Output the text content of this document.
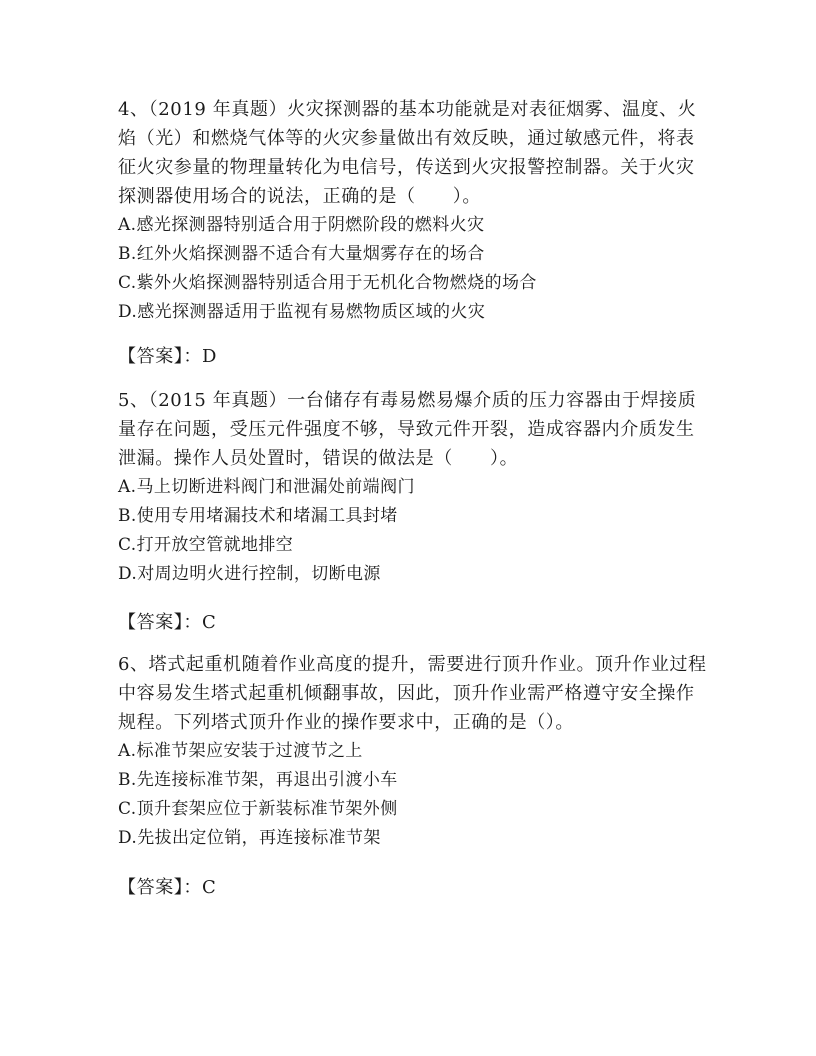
4、（2019 年真题）火灾探测器的基本功能就是对表征烟雾、温度、火焰（光）和燃烧气体等的火灾参量做出有效反映，通过敏感元件，将表征火灾参量的物理量转化为电信号，传送到火灾报警控制器。关于火灾探测器使用场合的说法，正确的是（　　）。

A.感光探测器特别适合用于阴燃阶段的燃料火灾

B.红外火焰探测器不适合有大量烟雾存在的场合

C.紫外火焰探测器特别适合用于无机化合物燃烧的场合

D.感光探测器适用于监视有易燃物质区域的火灾

【答案】：D

5、（2015 年真题）一台储存有毒易燃易爆介质的压力容器由于焊接质量存在问题，受压元件强度不够，导致元件开裂，造成容器内介质发生泄漏。操作人员处置时，错误的做法是（　　）。

A.马上切断进料阀门和泄漏处前端阀门

B.使用专用堵漏技术和堵漏工具封堵

C.打开放空管就地排空

D.对周边明火进行控制，切断电源

【答案】：C

6、塔式起重机随着作业高度的提升，需要进行顶升作业。顶升作业过程中容易发生塔式起重机倾翻事故，因此，顶升作业需严格遵守安全操作规程。下列塔式顶升作业的操作要求中，正确的是（）。

A.标准节架应安装于过渡节之上

B.先连接标准节架，再退出引渡小车

C.顶升套架应位于新装标准节架外侧

D.先拔出定位销，再连接标准节架

【答案】：C
